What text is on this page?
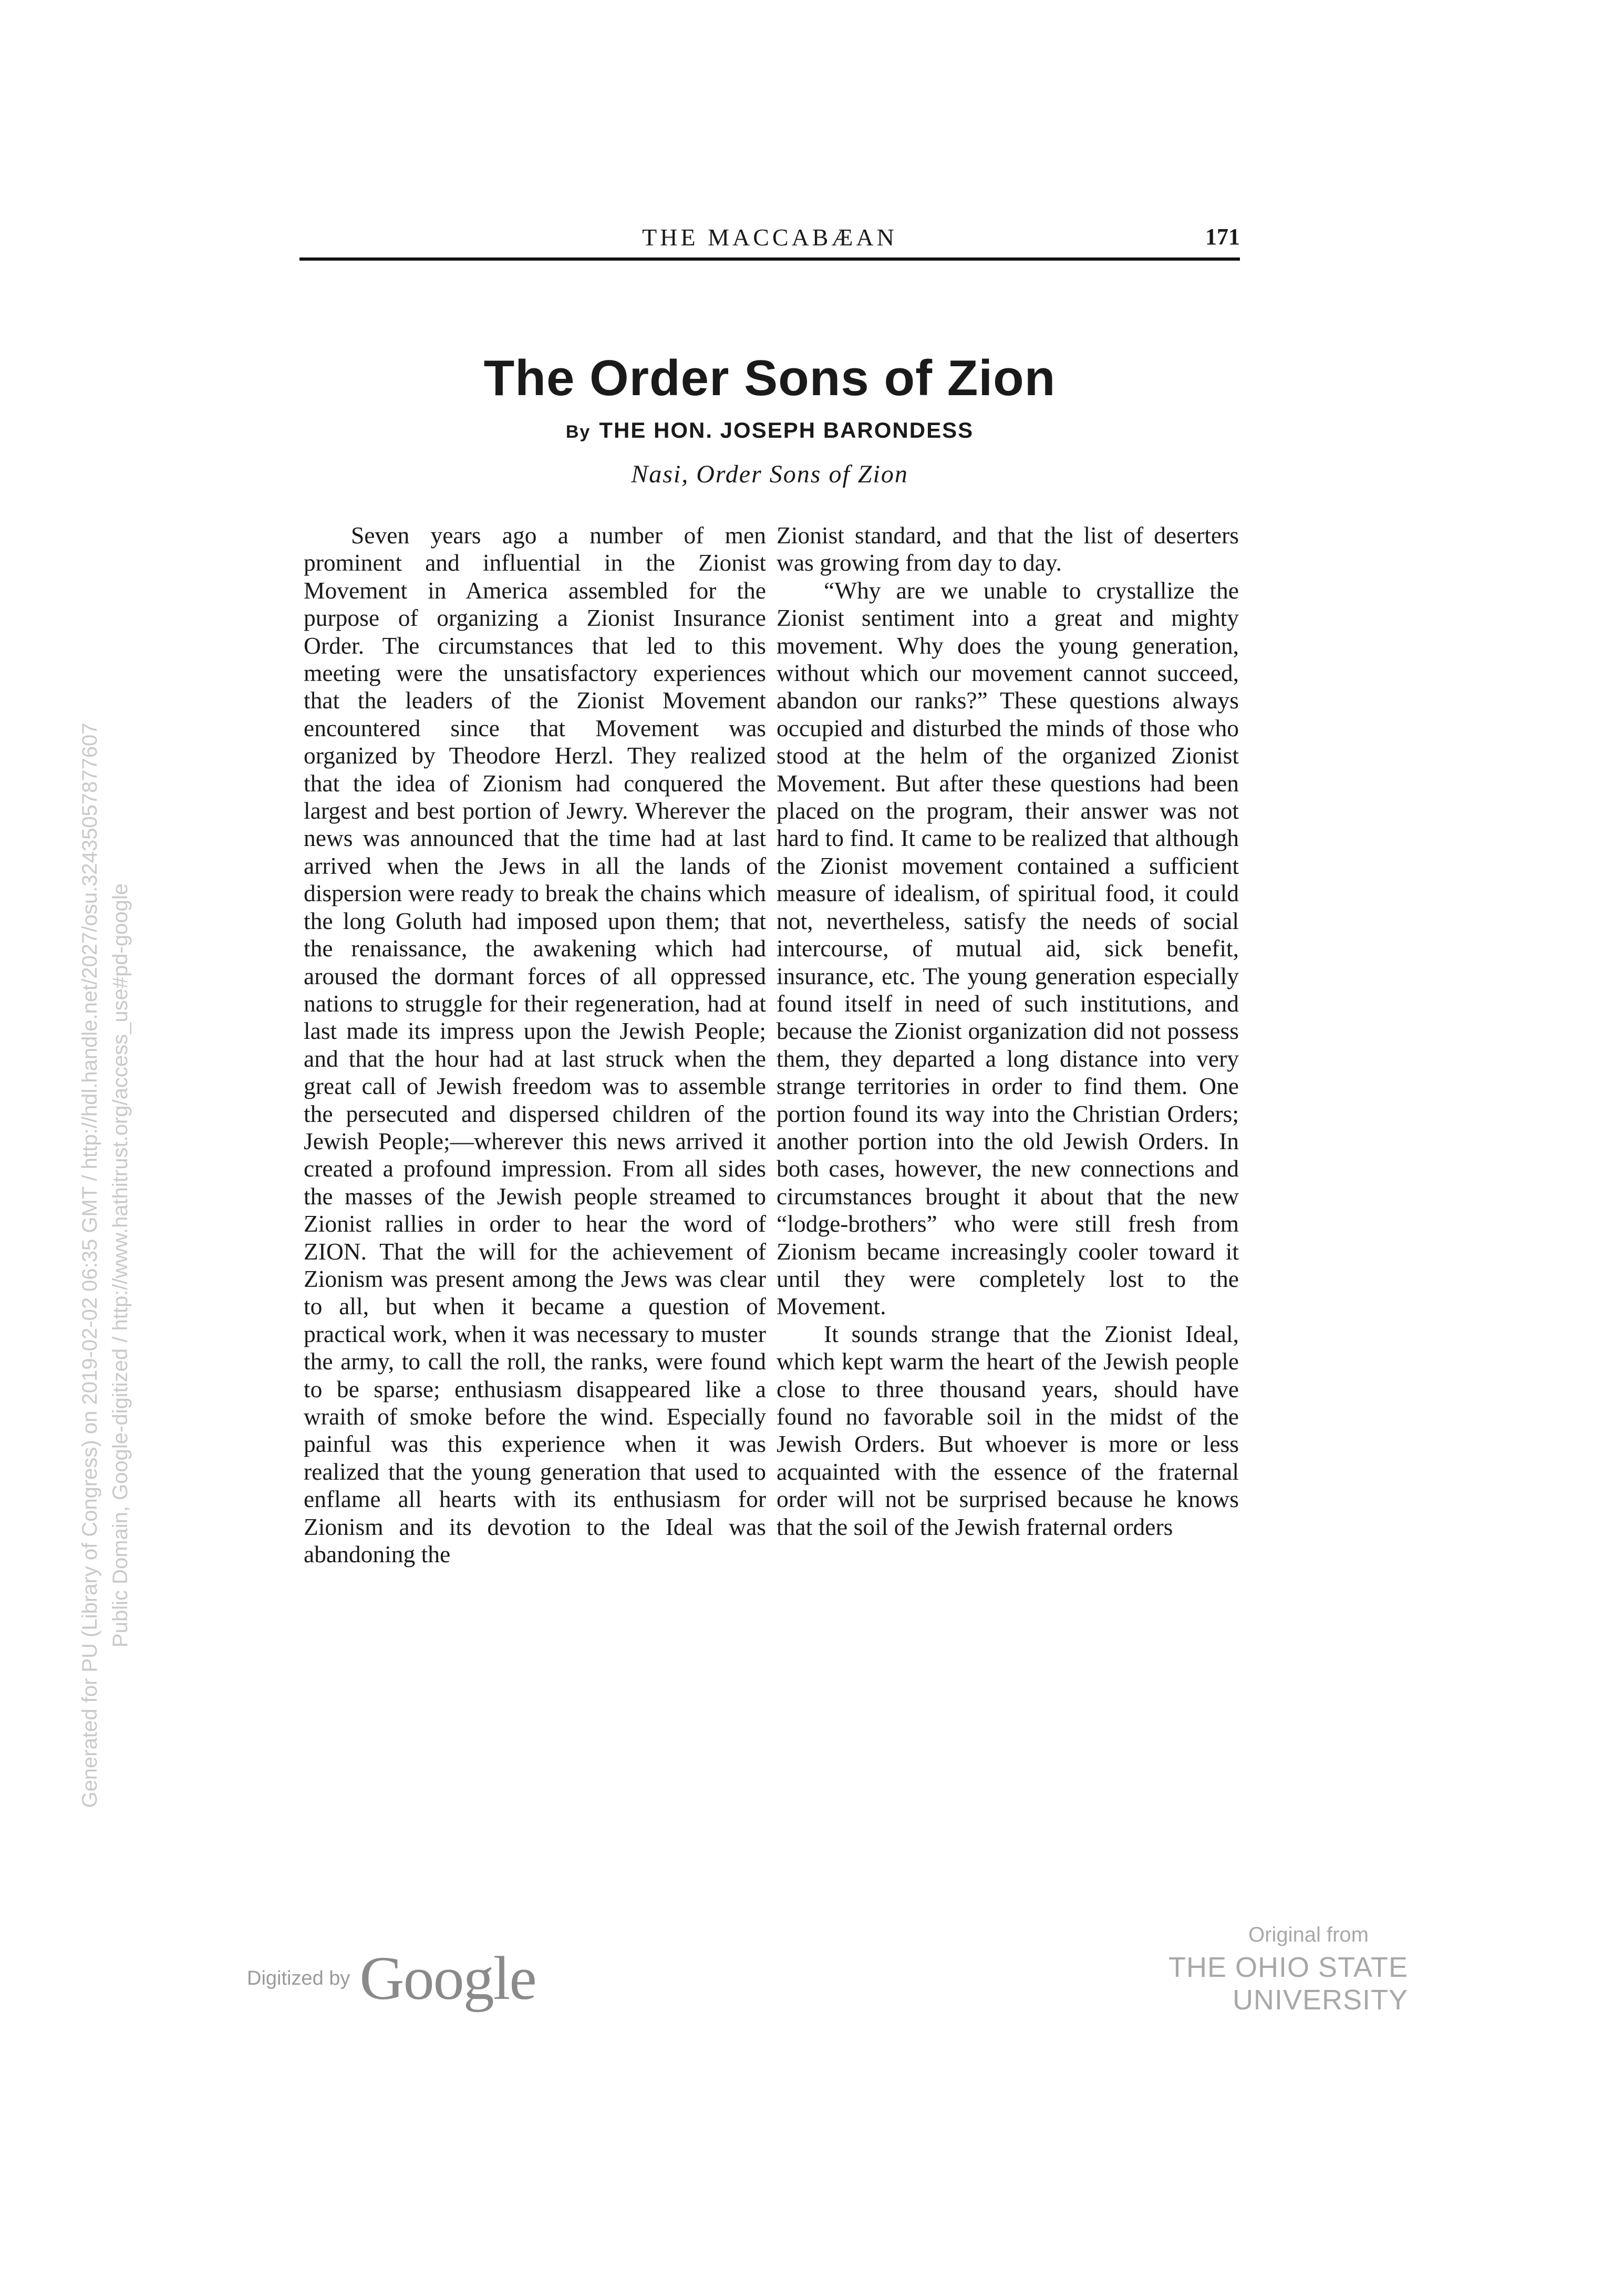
THE MACCABÆAN	171
The Order Sons of Zion
By THE HON. JOSEPH BARONDESS
Nasi, Order Sons of Zion

Seven years ago a number of men prominent and influential in the Zionist Movement in America assembled for the purpose of organizing a Zionist Insurance Order. The circumstances that led to this meeting were the unsatisfactory experiences that the leaders of the Zionist Movement encountered since that Movement was organized by Theodore Herzl. They realized that the idea of Zionism had conquered the largest and best portion of Jewry. Wherever the news was announced that the time had at last arrived when the Jews in all the lands of dispersion were ready to break the chains which the long Goluth had imposed upon them; that the renaissance, the awakening which had aroused the dormant forces of all oppressed nations to struggle for their regeneration, had at last made its impress upon the Jewish People; and that the hour had at last struck when the great call of Jewish freedom was to assemble the persecuted and dispersed children of the Jewish People;—wherever this news arrived it created a profound impression. From all sides the masses of the Jewish people streamed to Zionist rallies in order to hear the word of ZION. That the will for the achievement of Zionism was present among the Jews was clear to all, but when it became a question of practical work, when it was necessary to muster the army, to call the roll, the ranks, were found to be sparse; enthusiasm disappeared like a wraith of smoke before the wind. Especially painful was this experience when it was realized that the young generation that used to enflame all hearts with its enthusiasm for Zionism and its devotion to the Ideal was abandoning the

Zionist standard, and that the list of deserters was growing from day to day.

“Why are we unable to crystallize the Zionist sentiment into a great and mighty movement. Why does the young generation, without which our movement cannot succeed, abandon our ranks?” These questions always occupied and disturbed the minds of those who stood at the helm of the organized Zionist Movement. But after these questions had been placed on the program, their answer was not hard to find. It came to be realized that although the Zionist movement contained a sufficient measure of idealism, of spiritual food, it could not, nevertheless, satisfy the needs of social intercourse, of mutual aid, sick benefit, insurance, etc. The young generation especially found itself in need of such institutions, and because the Zionist organization did not possess them, they departed a long distance into very strange territories in order to find them. One portion found its way into the Christian Orders; another portion into the old Jewish Orders. In both cases, however, the new connections and circumstances brought it about that the new “lodge-brothers” who were still fresh from Zionism became increasingly cooler toward it until they were completely lost to the Movement.

It sounds strange that the Zionist Ideal, which kept warm the heart of the Jewish people close to three thousand years, should have found no favorable soil in the midst of the Jewish Orders. But whoever is more or less acquainted with the essence of the fraternal order will not be surprised because he knows that the soil of the Jewish fraternal orders

Generated for PU (Library of Congress) on 2019-02-02 06:35 GMT / http://hdl.handle.net/2027/osu.32435057877607 Public Domain, Google-digitized / http://www.hathitrust.org/access_use#pd-google
Digitized by Google
Original from
THE OHIO STATE UNIVERSITY
